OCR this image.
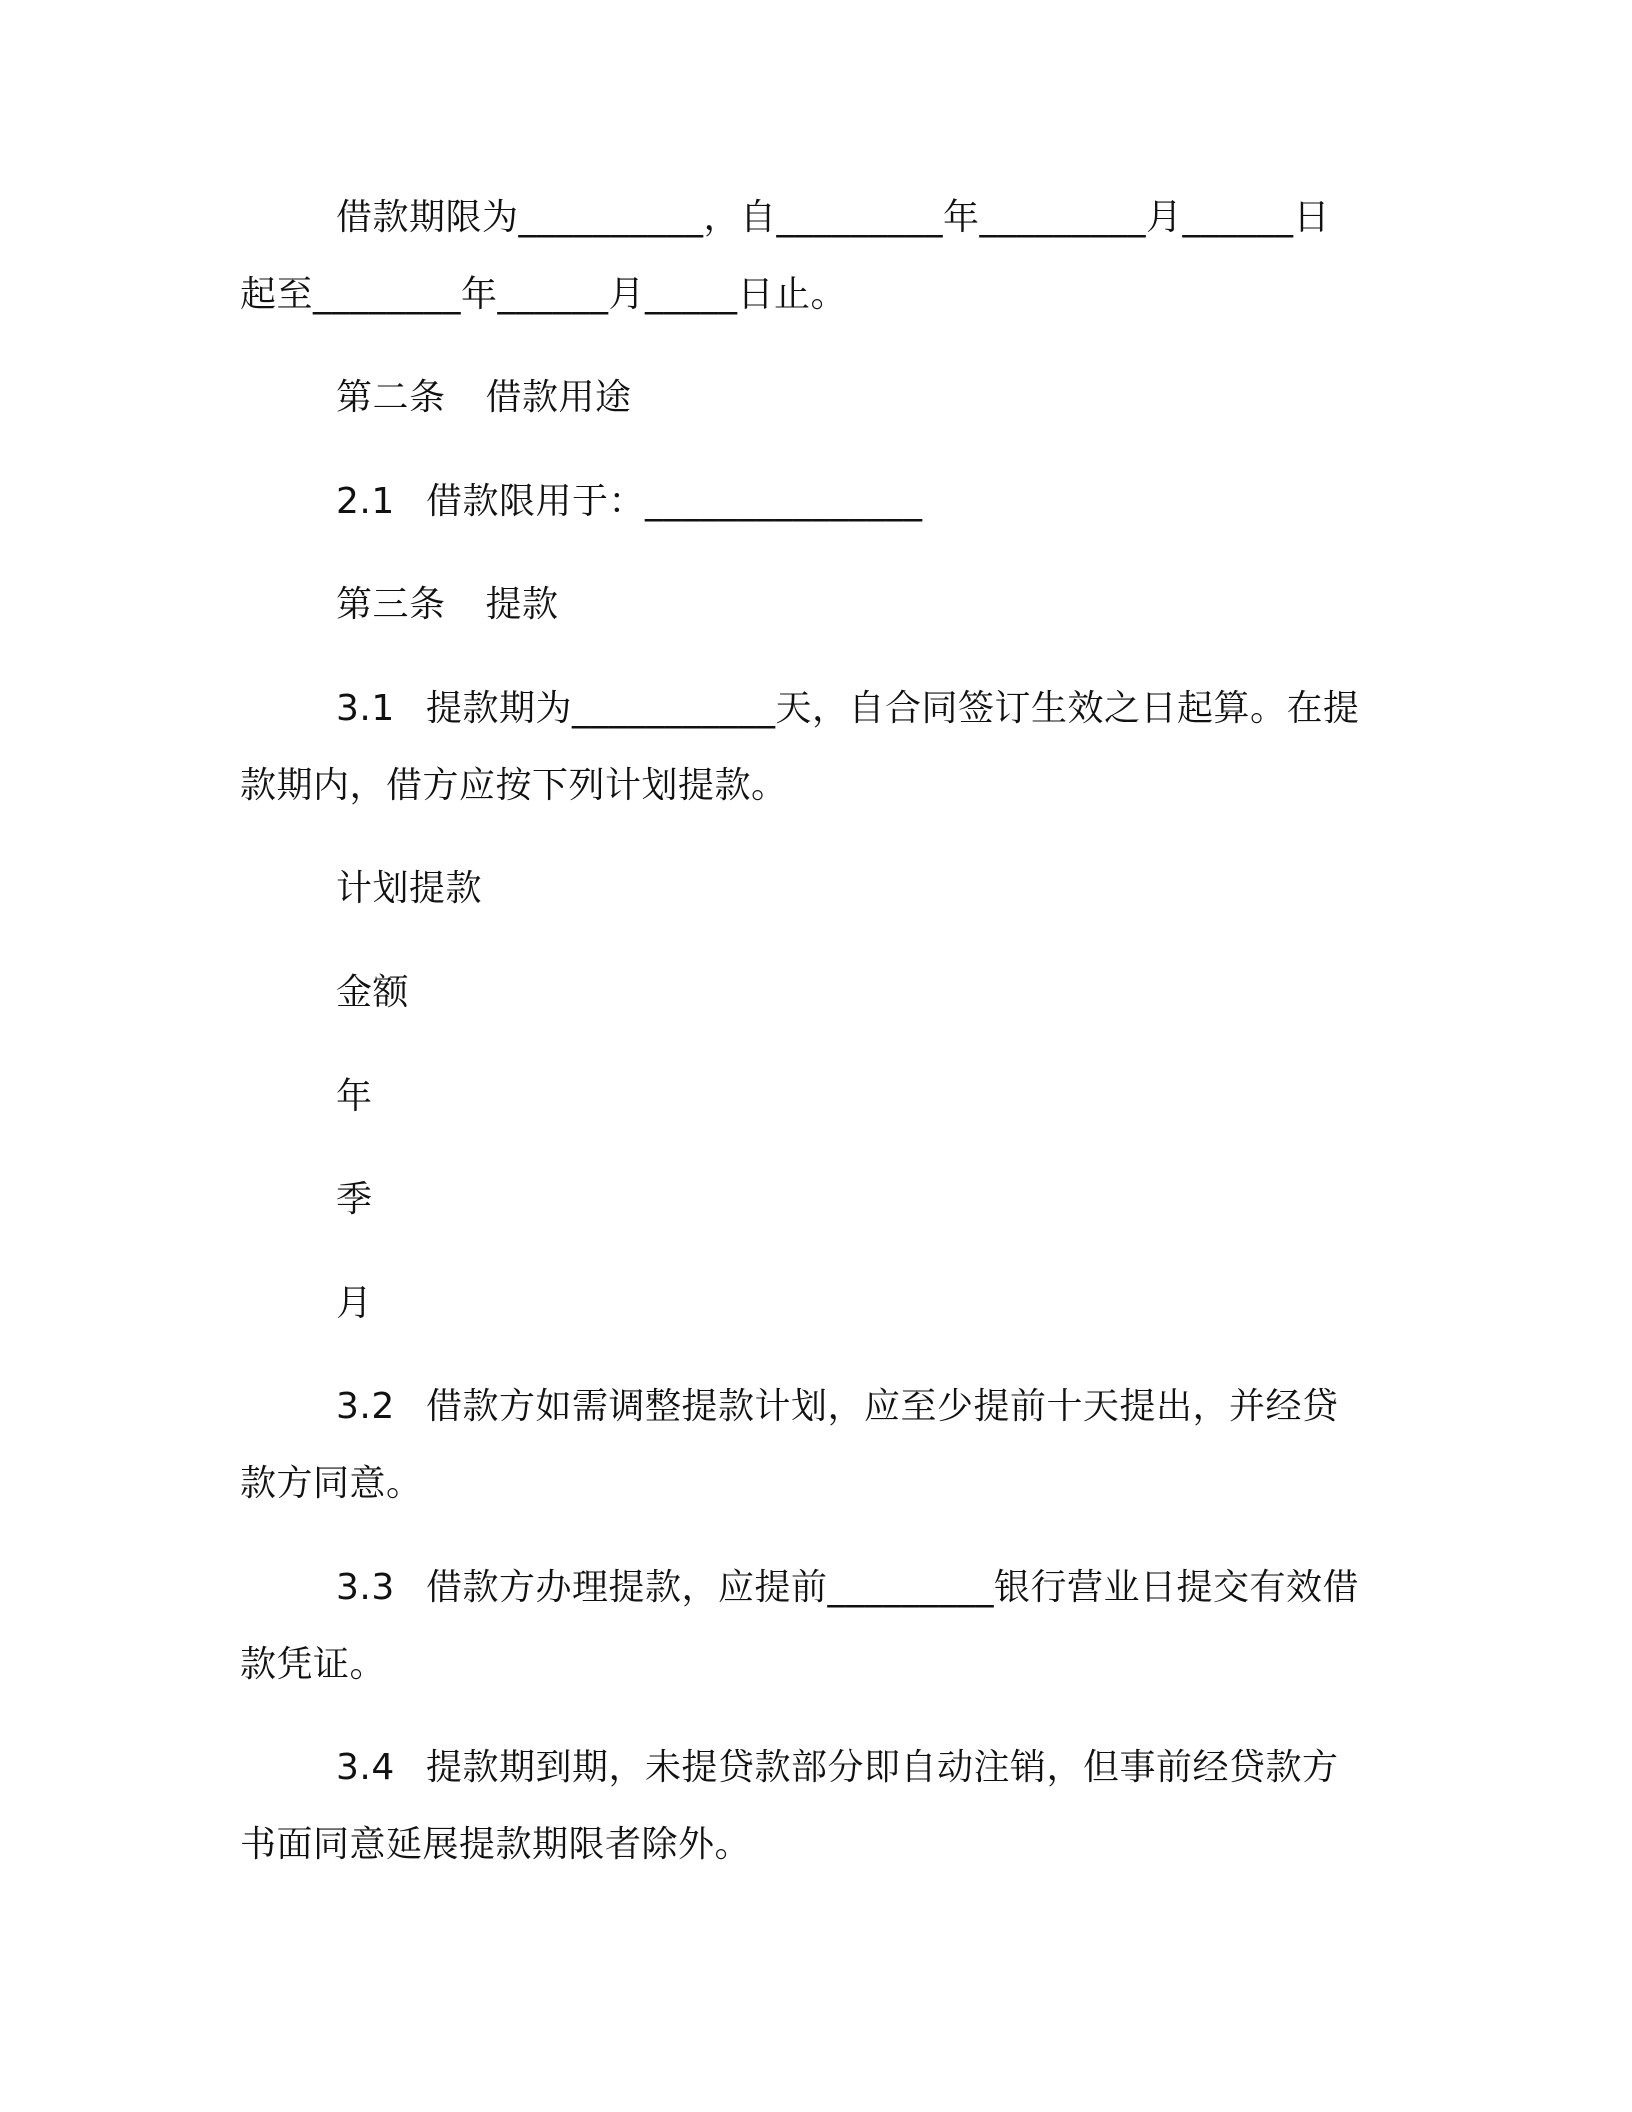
借款期限为__________，自_________年_________月______日
起至________年______月_____日止。
第二条 借款用途
2.1 借款限用于：_______________
第三条 提款
3.1 提款期为___________天，自合同签订生效之日起算。在提
款期内，借方应按下列计划提款。
计划提款
金额
年
季
月
3.2 借款方如需调整提款计划，应至少提前十天提出，并经贷
款方同意。
3.3 借款方办理提款，应提前_________银行营业日提交有效借
款凭证。
3.4 提款期到期，未提贷款部分即自动注销，但事前经贷款方
书面同意延展提款期限者除外。
